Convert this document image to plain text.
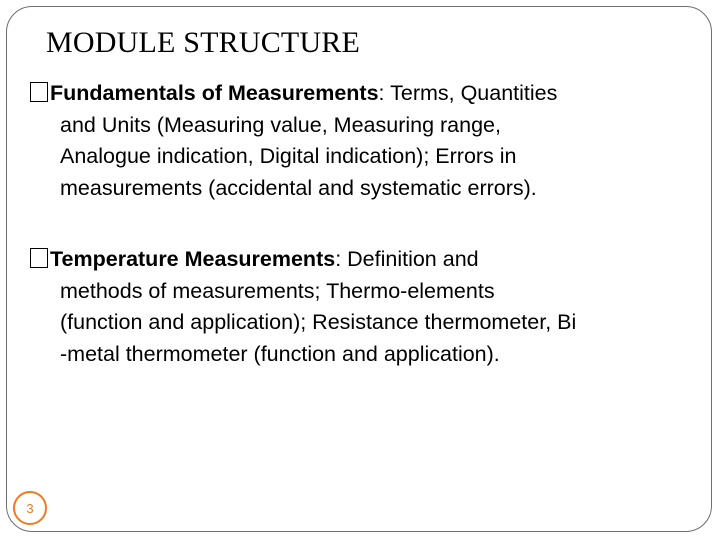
MODULE STRUCTURE

Fundamentals of Measurements: Terms, Quantities

and Units (Measuring value, Measuring range,

Analogue indication, Digital indication); Errors in

measurements (accidental and systematic errors).

Temperature Measurements: Definition and

methods of measurements; Thermo-elements

(function and application); Resistance thermometer, Bi

-metal thermometer (function and application).

3
